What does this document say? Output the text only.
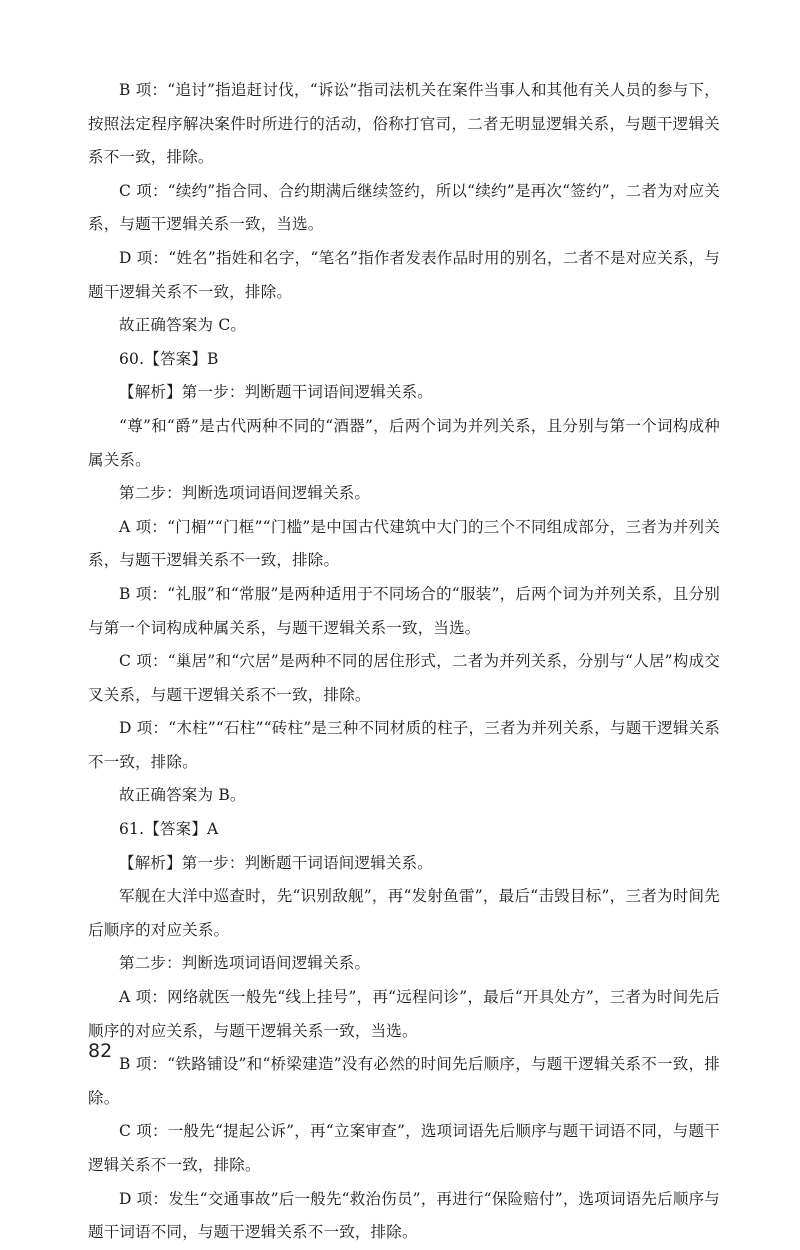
B 项：“追讨”指追赶讨伐，“诉讼”指司法机关在案件当事人和其他有关人员的参与下，按照法定程序解决案件时所进行的活动，俗称打官司，二者无明显逻辑关系，与题干逻辑关系不一致，排除。

C 项：“续约”指合同、合约期满后继续签约，所以“续约”是再次“签约”，二者为对应关系，与题干逻辑关系一致，当选。

D 项：“姓名”指姓和名字，“笔名”指作者发表作品时用的别名，二者不是对应关系，与题干逻辑关系不一致，排除。

故正确答案为 C。

60.【答案】B

【解析】第一步：判断题干词语间逻辑关系。

“尊”和“爵”是古代两种不同的“酒器”，后两个词为并列关系，且分别与第一个词构成种属关系。

第二步：判断选项词语间逻辑关系。

A 项：“门楣”“门框”“门槛”是中国古代建筑中大门的三个不同组成部分，三者为并列关系，与题干逻辑关系不一致，排除。

B 项：“礼服”和“常服”是两种适用于不同场合的“服装”，后两个词为并列关系，且分别与第一个词构成种属关系，与题干逻辑关系一致，当选。

C 项：“巢居”和“穴居”是两种不同的居住形式，二者为并列关系，分别与“人居”构成交叉关系，与题干逻辑关系不一致，排除。

D 项：“木柱”“石柱”“砖柱”是三种不同材质的柱子，三者为并列关系，与题干逻辑关系不一致，排除。

故正确答案为 B。

61.【答案】A

【解析】第一步：判断题干词语间逻辑关系。

军舰在大洋中巡查时，先“识别敌舰”，再“发射鱼雷”，最后“击毁目标”，三者为时间先后顺序的对应关系。

第二步：判断选项词语间逻辑关系。

A 项：网络就医一般先“线上挂号”，再“远程问诊”，最后“开具处方”，三者为时间先后顺序的对应关系，与题干逻辑关系一致，当选。

B 项：“铁路铺设”和“桥梁建造”没有必然的时间先后顺序，与题干逻辑关系不一致，排除。

C 项：一般先“提起公诉”，再“立案审查”，选项词语先后顺序与题干词语不同，与题干逻辑关系不一致，排除。

D 项：发生“交通事故”后一般先“救治伤员”，再进行“保险赔付”，选项词语先后顺序与题干词语不同，与题干逻辑关系不一致，排除。

82
